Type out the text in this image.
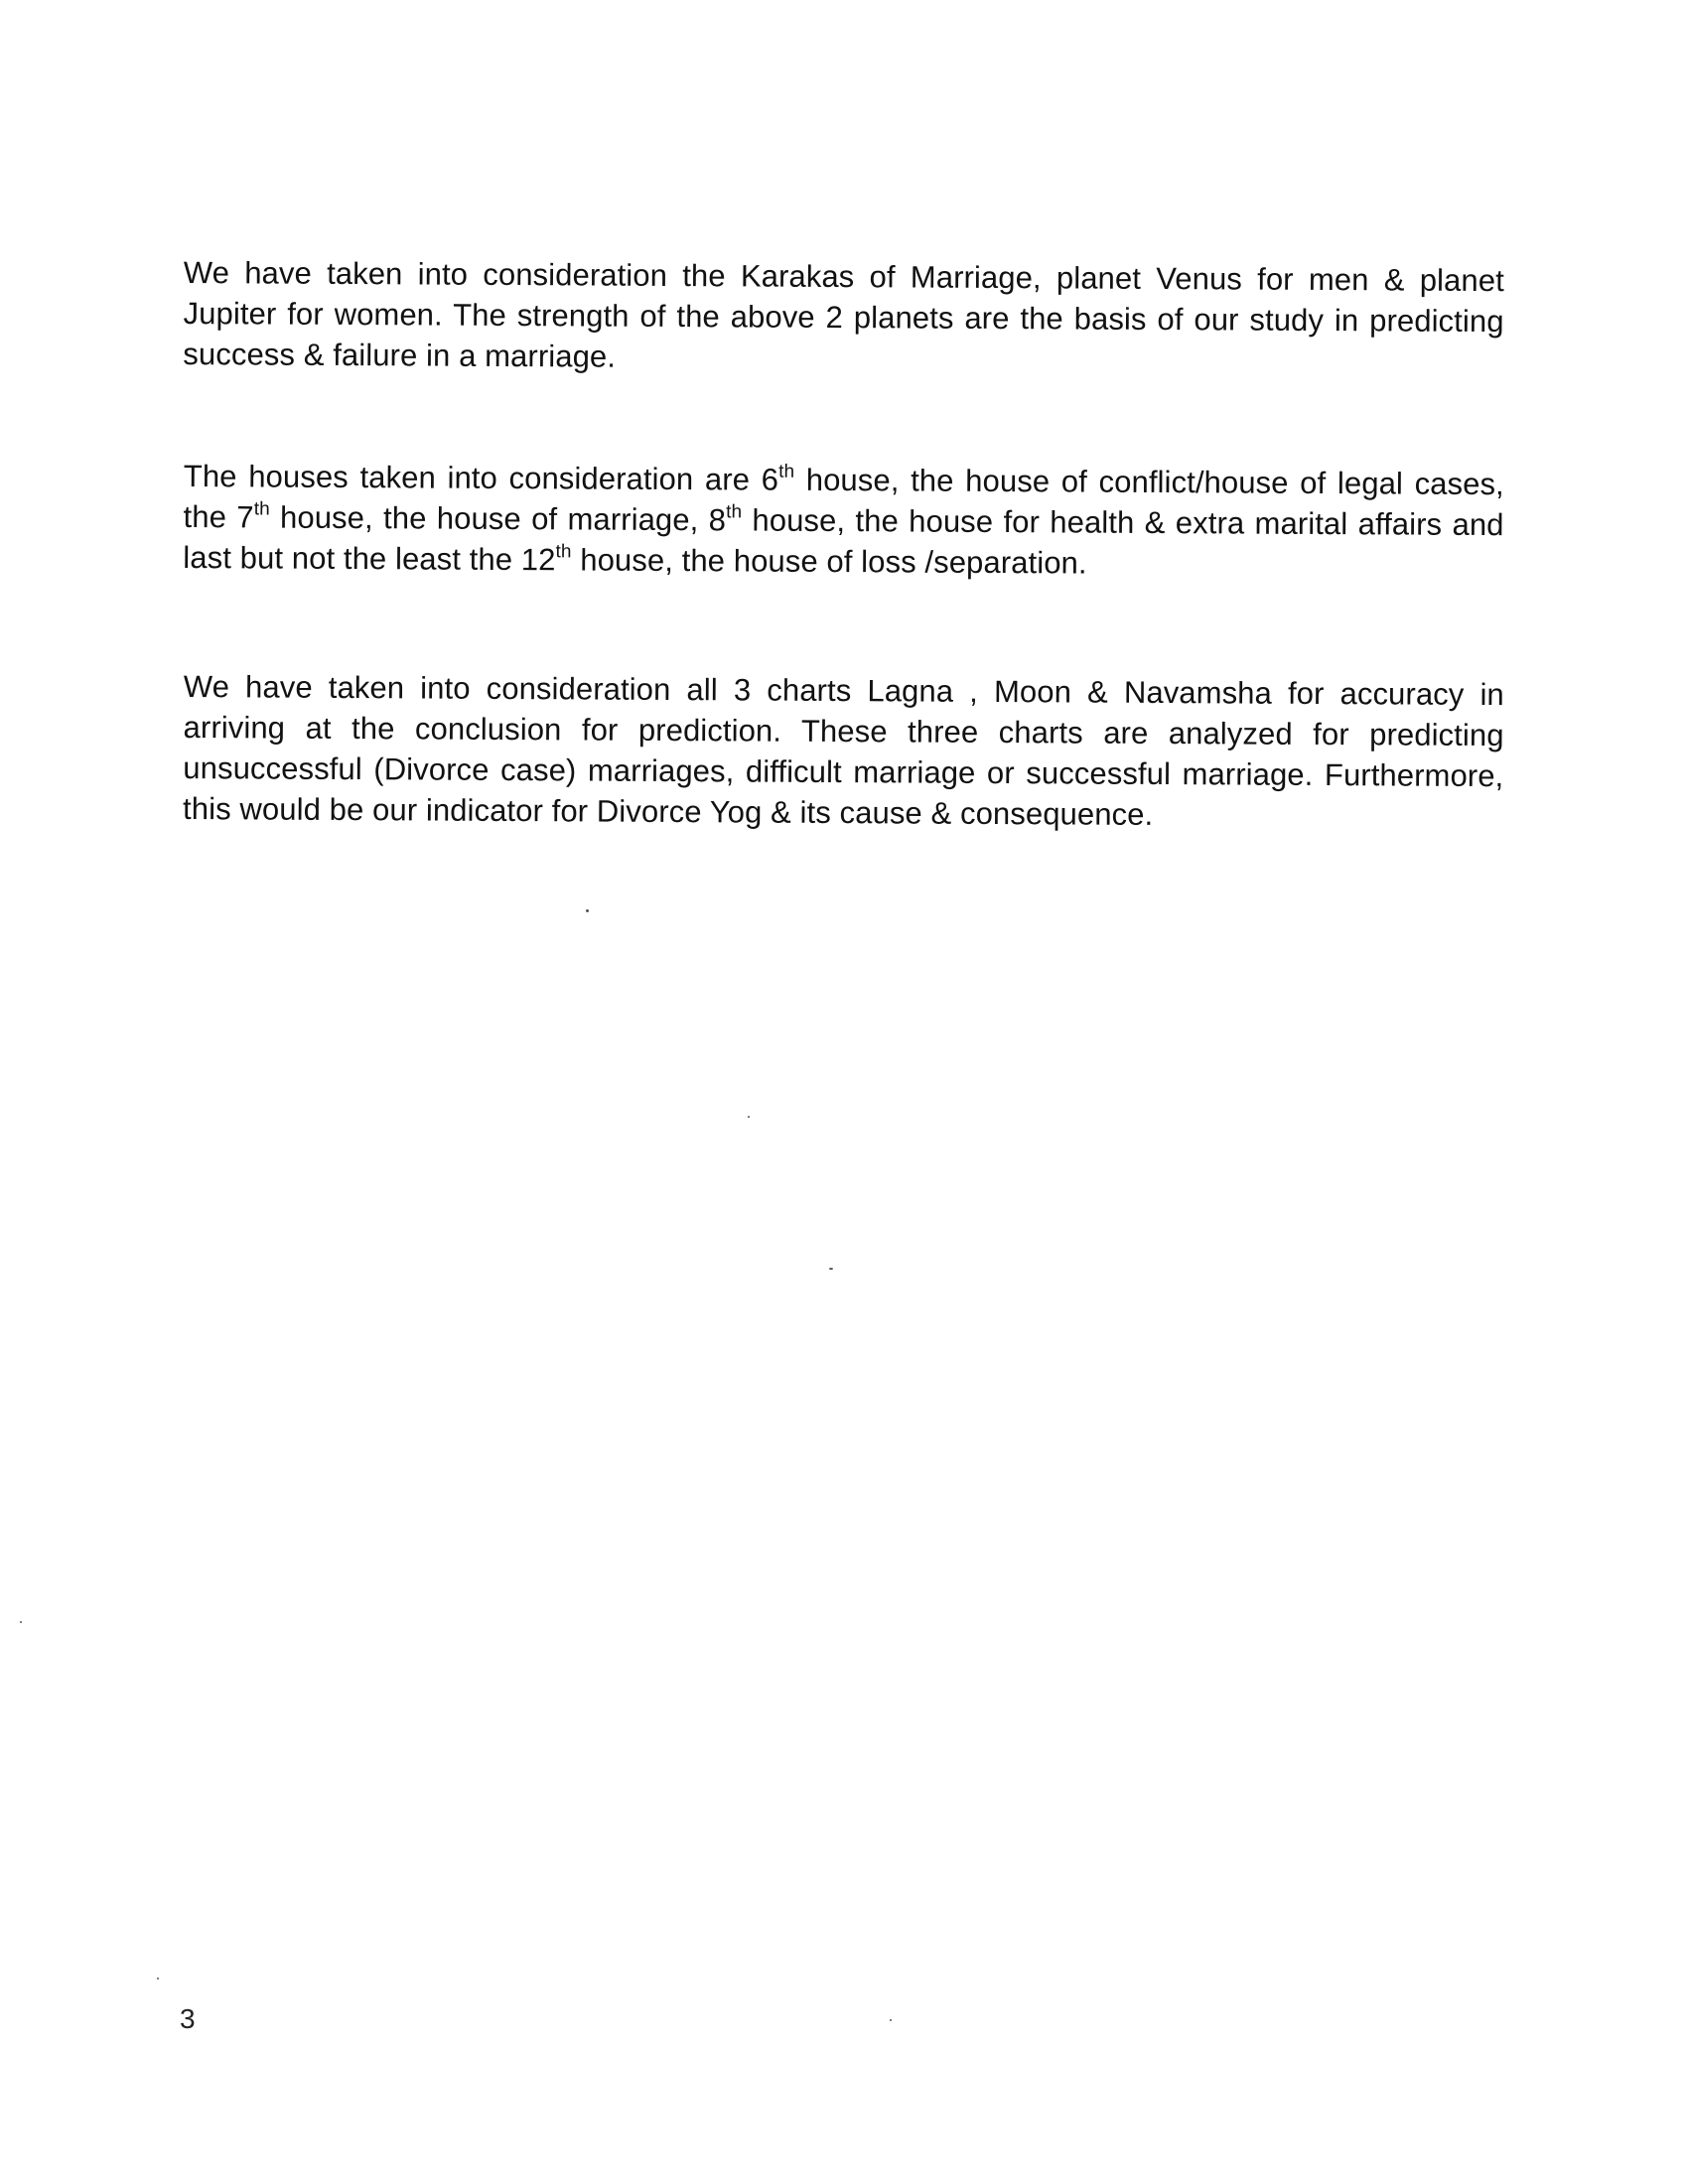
We have taken into consideration the Karakas of Marriage, planet Venus for men & planet Jupiter for women. The strength of the above 2 planets are the basis of our study in predicting success & failure in a marriage.

The houses taken into consideration are 6th house, the house of conflict/house of legal cases, the 7th house, the house of marriage, 8th house, the house for health & extra marital affairs and last but not the least the 12th house, the house of loss /separation.

We have taken into consideration all 3 charts Lagna , Moon & Navamsha for accuracy in arriving at the conclusion for prediction. These three charts are analyzed for predicting unsuccessful (Divorce case) marriages, difficult marriage or successful marriage. Furthermore, this would be our indicator for Divorce Yog & its cause & consequence.

3
